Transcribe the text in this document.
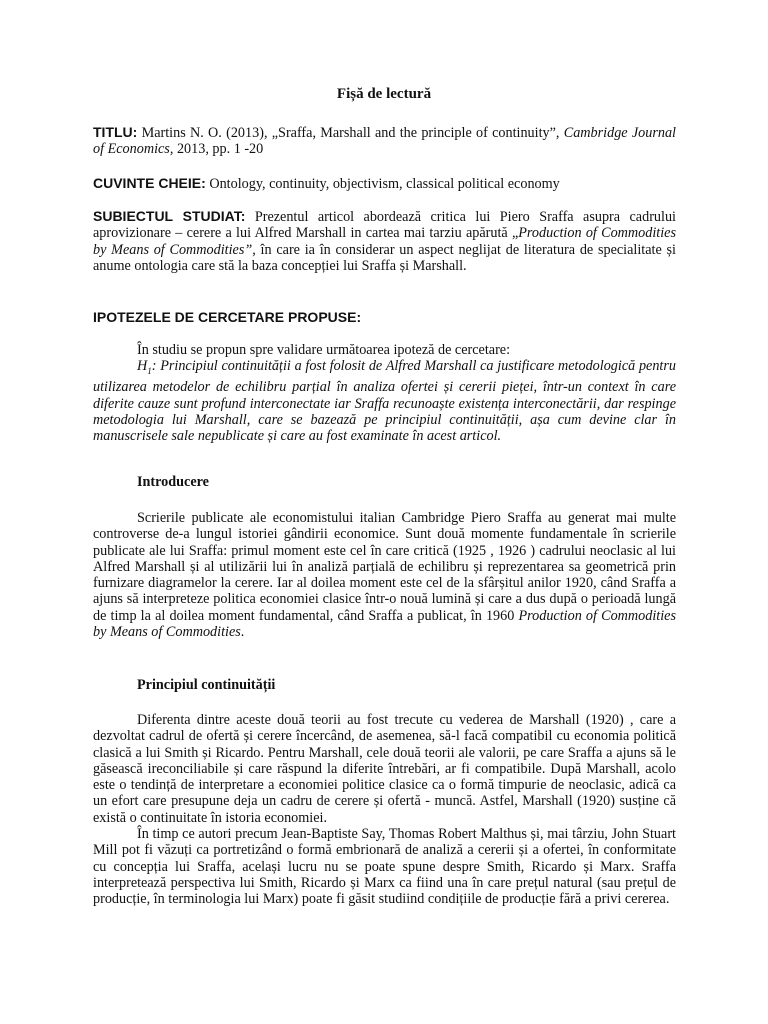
Fișă de lectură
TITLU: Martins N. O. (2013), „Sraffa, Marshall and the principle of continuity”, Cambridge Journal of Economics, 2013, pp. 1 -20
CUVINTE CHEIE: Ontology, continuity, objectivism, classical political economy
SUBIECTUL STUDIAT: Prezentul articol abordează critica lui Piero Sraffa asupra cadrului aprovizionare – cerere a lui Alfred Marshall in cartea mai tarziu apărută „Production of Commodities by Means of Commodities”, în care ia în considerar un aspect neglijat de literatura de specialitate și anume ontologia care stă la baza concepției lui Sraffa și Marshall.
IPOTEZELE DE CERCETARE PROPUSE:

În studiu se propun spre validare următoarea ipoteză de cercetare:

$H_1$: Principiul continuității a fost folosit de Alfred Marshall ca justificare metodologică pentru utilizarea metodelor de echilibru parțial în analiza ofertei și cererii pieței, într-un context în care diferite cauze sunt profund interconectate iar Sraffa recunoaște existența interconectării, dar respinge metodologia lui Marshall, care se bazează pe principiul continuității, așa cum devine clar în manuscrisele sale nepublicate și care au fost examinate în acest articol.

Introducere

Scrierile publicate ale economistului italian Cambridge Piero Sraffa au generat mai multe controverse de-a lungul istoriei gândirii economice. Sunt două momente fundamentale în scrierile publicate ale lui Sraffa: primul moment este cel în care critică (1925 , 1926 ) cadrului neoclasic al lui Alfred Marshall și al utilizării lui în analiză parțială de echilibru și reprezentarea sa geometrică prin furnizare diagramelor la cerere. Iar al doilea moment este cel de la sfârșitul anilor 1920, când Sraffa a ajuns să interpreteze politica economiei clasice într-o nouă lumină și care a dus după o perioadă lungă de timp la al doilea moment fundamental, când Sraffa a publicat, în 1960 Production of Commodities by Means of Commodities.

Principiul continuității

Diferenta dintre aceste două teorii au fost trecute cu vederea de Marshall (1920) , care a dezvoltat cadrul de ofertă și cerere încercând, de asemenea, să-l facă compatibil cu economia politică clasică a lui Smith și Ricardo. Pentru Marshall, cele două teorii ale valorii, pe care Sraffa a ajuns să le găsească ireconciliabile și care răspund la diferite întrebări, ar fi compatibile. După Marshall, acolo este o tendință de interpretare a economiei politice clasice ca o formă timpurie de neoclasic, adică ca un efort care presupune deja un cadru de cerere și ofertă - muncă. Astfel, Marshall (1920) susține că există o continuitate în istoria economiei.

În timp ce autori precum Jean-Baptiste Say, Thomas Robert Malthus și, mai târziu, John Stuart Mill pot fi văzuți ca portretizând o formă embrionară de analiză a cererii și a ofertei, în conformitate cu concepția lui Sraffa, același lucru nu se poate spune despre Smith, Ricardo și Marx. Sraffa interpretează perspectiva lui Smith, Ricardo și Marx ca fiind una în care prețul natural (sau prețul de producție, în terminologia lui Marx) poate fi găsit studiind condițiile de producție fără a privi cererea.
